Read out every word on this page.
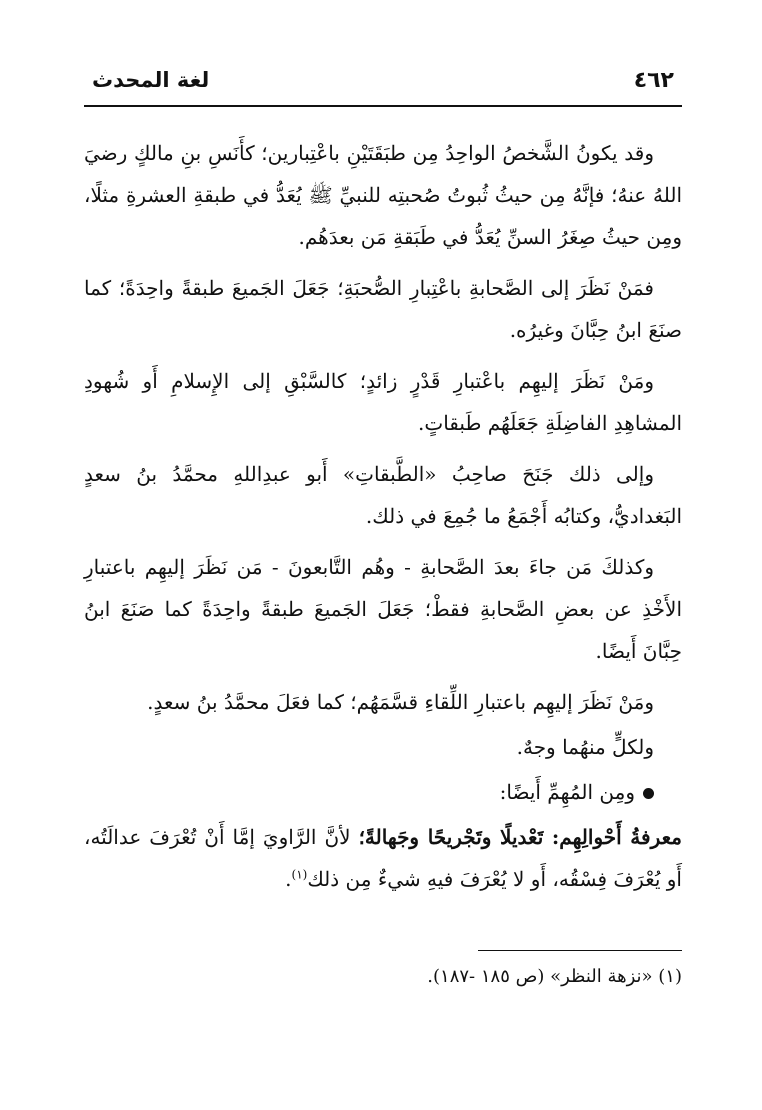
٤٦٢
لغة المحدث

وقد يكونُ الشَّخصُ الواحِدُ مِن طبَقَتَيْنِ باعْتِبارين؛ كأَنَسِ بنِ مالكٍ رضيَ اللهُ عنهُ؛ فإنَّهُ مِن حيثُ ثُبوتُ صُحبتِه للنبيِّ ﷺ يُعَدُّ في طبقةِ العشرةِ مثلًا، ومِن حيثُ صِغَرُ السنِّ يُعَدُّ في طَبَقةِ مَن بعدَهُم.

فمَنْ نَظَرَ إلى الصَّحابةِ باعْتِبارِ الصُّحبَةِ؛ جَعَلَ الجَميعَ طبقةً واحِدَةً؛ كما صنَعَ ابنُ حِبَّانَ وغيرُه.

ومَنْ نَظَرَ إليهِم باعْتبارِ قَدْرٍ زائدٍ؛ كالسَّبْقِ إلى الإِسلامِ أَو شُهودِ المشاهِدِ الفاضِلَةِ جَعَلَهُم طَبقاتٍ.

وإلى ذلك جَنَحَ صاحِبُ «الطَّبقاتِ» أَبو عبدِاللهِ محمَّدُ بنُ سعدٍ البَغداديُّ، وكتابُه أَجْمَعُ ما جُمِعَ في ذلك.

وكذلكَ مَن جاءَ بعدَ الصَّحابةِ - وهُم التَّابعونَ - مَن نَظَرَ إليهِم باعتبارِ الأَخْذِ عن بعضِ الصَّحابةِ فقطْ؛ جَعَلَ الجَميعَ طبقةً واحِدَةً كما صَنَعَ ابنُ حِبَّانَ أَيضًا.

ومَنْ نَظَرَ إليهِم باعتبارِ اللِّقاءِ قسَّمَهُم؛ كما فعَلَ محمَّدُ بنُ سعدٍ.

ولكلٍّ منهُما وجهٌ.

ومِن المُهِمِّ أَيضًا:

معرفةُ أَحْوالِهِم: تَعْديلًا وتَجْريحًا وجَهالةً؛ لأنَّ الرَّاويَ إمَّا أَنْ تُعْرَفَ عدالَتُه، أَو يُعْرَفَ فِسْقُه، أَو لا يُعْرَفَ فيهِ شيءٌ مِن ذلك$^{(١)}$.

(١) «نزهة النظر» (ص ١٨٥ -١٨٧).
